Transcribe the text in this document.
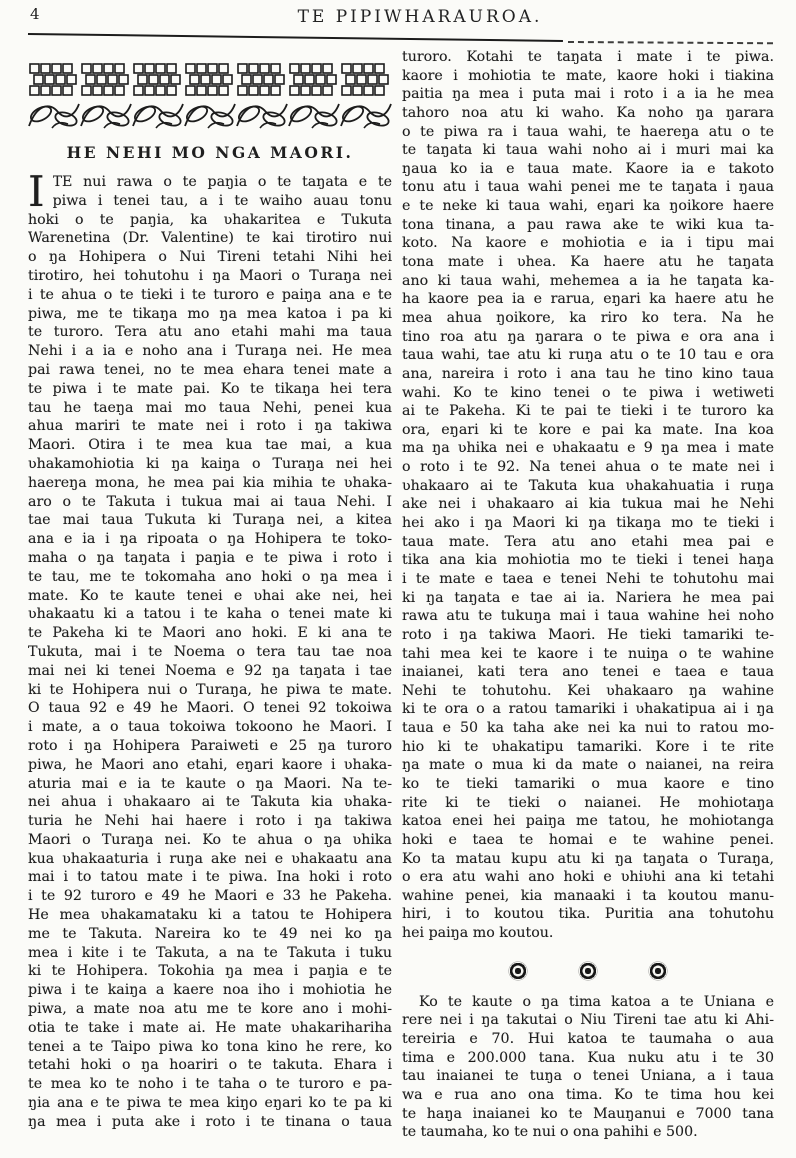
4	TE PIPIWHARAUROA.
HE NEHI MO NGA MAORI.
I TE nui rawa o te paŋia o te taŋata e te
piwa i tenei tau, a i te waiho auau tonu
hoki o te paŋia, ka ʋhakaritea e Tukuta
Warenetina (Dr. Valentine) te kai tirotiro nui
o ŋa Hohipera o Nui Tireni tetahi Nihi hei
tirotiro, hei tohutohu i ŋa Maori o Turaŋa nei
i te ahua o te tieki i te turoro e paiŋa ana e te
piwa, me te tikaŋa mo ŋa mea katoa i pa ki
te turoro. Tera atu ano etahi mahi ma taua
Nehi i a ia e noho ana i Turaŋa nei. He mea
pai rawa tenei, no te mea ehara tenei mate a
te piwa i te mate pai. Ko te tikaŋa hei tera
tau he taeŋa mai mo taua Nehi, penei kua
ahua mariri te mate nei i roto i ŋa takiwa
Maori. Otira i te mea kua tae mai, a kua
ʋhakamohiotia ki ŋa kaiŋa o Turaŋa nei hei
haereŋa mona, he mea pai kia mihia te ʋhaka-
aro o te Takuta i tukua mai ai taua Nehi. I
tae mai taua Tukuta ki Turaŋa nei, a kitea
ana e ia i ŋa ripoata o ŋa Hohipera te toko-
maha o ŋa taŋata i paŋia e te piwa i roto i
te tau, me te tokomaha ano hoki o ŋa mea i
mate. Ko te kaute tenei e ʋhai ake nei, hei
ʋhakaatu ki a tatou i te kaha o tenei mate ki
te Pakeha ki te Maori ano hoki. E ki ana te
Tukuta, mai i te Noema o tera tau tae noa
mai nei ki tenei Noema e 92 ŋa taŋata i tae
ki te Hohipera nui o Turaŋa, he piwa te mate.
O taua 92 e 49 he Maori. O tenei 92 tokoiwa
i mate, a o taua tokoiwa tokoono he Maori. I
roto i ŋa Hohipera Paraiweti e 25 ŋa turoro
piwa, he Maori ano etahi, eŋari kaore i ʋhaka-
aturia mai e ia te kaute o ŋa Maori. Na te-
nei ahua i ʋhakaaro ai te Takuta kia ʋhaka-
turia he Nehi hai haere i roto i ŋa takiwa
Maori o Turaŋa nei. Ko te ahua o ŋa ʋhika
kua ʋhakaaturia i ruŋa ake nei e ʋhakaatu ana
mai i to tatou mate i te piwa. Ina hoki i roto
i te 92 turoro e 49 he Maori e 33 he Pakeha.
He mea ʋhakamataku ki a tatou te Hohipera
me te Takuta. Nareira ko te 49 nei ko ŋa
mea i kite i te Takuta, a na te Takuta i tuku
ki te Hohipera. Tokohia ŋa mea i paŋia e te
piwa i te kaiŋa a kaere noa iho i mohiotia he
piwa, a mate noa atu me te kore ano i mohi-
otia te take i mate ai. He mate ʋhakarihariha
tenei a te Taipo piwa ko tona kino he rere, ko
tetahi hoki o ŋa hoariri o te takuta. Ehara i
te mea ko te noho i te taha o te turoro e pa-
ŋia ana e te piwa te mea kiŋo eŋari ko te pa ki
ŋa mea i puta ake i roto i te tinana o taua
turoro. Kotahi te taŋata i mate i te piwa.
kaore i mohiotia te mate, kaore hoki i tiakina
paitia ŋa mea i puta mai i roto i a ia he mea
tahoro noa atu ki waho. Ka noho ŋa ŋarara
o te piwa ra i taua wahi, te haereŋa atu o te
te taŋata ki taua wahi noho ai i muri mai ka
ŋaua ko ia e taua mate. Kaore ia e takoto
tonu atu i taua wahi penei me te taŋata i ŋaua
e te neke ki taua wahi, eŋari ka ŋoikore haere
tona tinana, a pau rawa ake te wiki kua ta-
koto. Na kaore e mohiotia e ia i tipu mai
tona mate i ʋhea. Ka haere atu he taŋata
ano ki taua wahi, mehemea a ia he taŋata ka-
ha kaore pea ia e rarua, eŋari ka haere atu he
mea ahua ŋoikore, ka riro ko tera. Na he
tino roa atu ŋa ŋarara o te piwa e ora ana i
taua wahi, tae atu ki ruŋa atu o te 10 tau e ora
ana, nareira i roto i ana tau he tino kino taua
wahi. Ko te kino tenei o te piwa i wetiweti
ai te Pakeha. Ki te pai te tieki i te turoro ka
ora, eŋari ki te kore e pai ka mate. Ina koa
ma ŋa ʋhika nei e ʋhakaatu e 9 ŋa mea i mate
o roto i te 92. Na tenei ahua o te mate nei i
ʋhakaaro ai te Takuta kua ʋhakahuatia i ruŋa
ake nei i ʋhakaaro ai kia tukua mai he Nehi
hei ako i ŋa Maori ki ŋa tikaŋa mo te tieki i
taua mate. Tera atu ano etahi mea pai e
tika ana kia mohiotia mo te tieki i tenei haŋa
i te mate e taea e tenei Nehi te tohutohu mai
ki ŋa taŋata e tae ai ia. Nariera he mea pai
rawa atu te tukuŋa mai i taua wahine hei noho
roto i ŋa takiwa Maori. He tieki tamariki te-
tahi mea kei te kaore i te nuiŋa o te wahine
inaianei, kati tera ano tenei e taea e taua
Nehi te tohutohu. Kei ʋhakaaro ŋa wahine
ki te ora o a ratou tamariki i ʋhakatipua ai i ŋa
taua e 50 ka taha ake nei ka nui to ratou mo-
hio ki te ʋhakatipu tamariki. Kore i te rite
ŋa mate o mua ki da mate o naianei, na reira
ko te tieki tamariki o mua kaore e tino
rite ki te tieki o naianei. He mohiotaŋa
katoa enei hei paiŋa me tatou, he mohiotanga
hoki e taea te homai e te wahine penei.
Ko ta matau kupu atu ki ŋa taŋata o Turaŋa,
o era atu wahi ano hoki e ʋhiʋhi ana ki tetahi
wahine penei, kia manaaki i ta koutou manu-
hiri, i to koutou tika. Puritia ana tohutohu
hei paiŋa mo koutou.
Ko te kaute o ŋa tima katoa a te Uniana e
rere nei i ŋa takutai o Niu Tireni tae atu ki Ahi-
tereiria e 70. Hui katoa te taumaha o aua
tima e 200.000 tana. Kua nuku atu i te 30
tau inaianei te tuŋa o tenei Uniana, a i taua
wa e rua ano ona tima. Ko te tima hou kei
te haŋa inaianei ko te Mauŋanui e 7000 tana
te taumaha, ko te nui o ona pahihi e 500.
